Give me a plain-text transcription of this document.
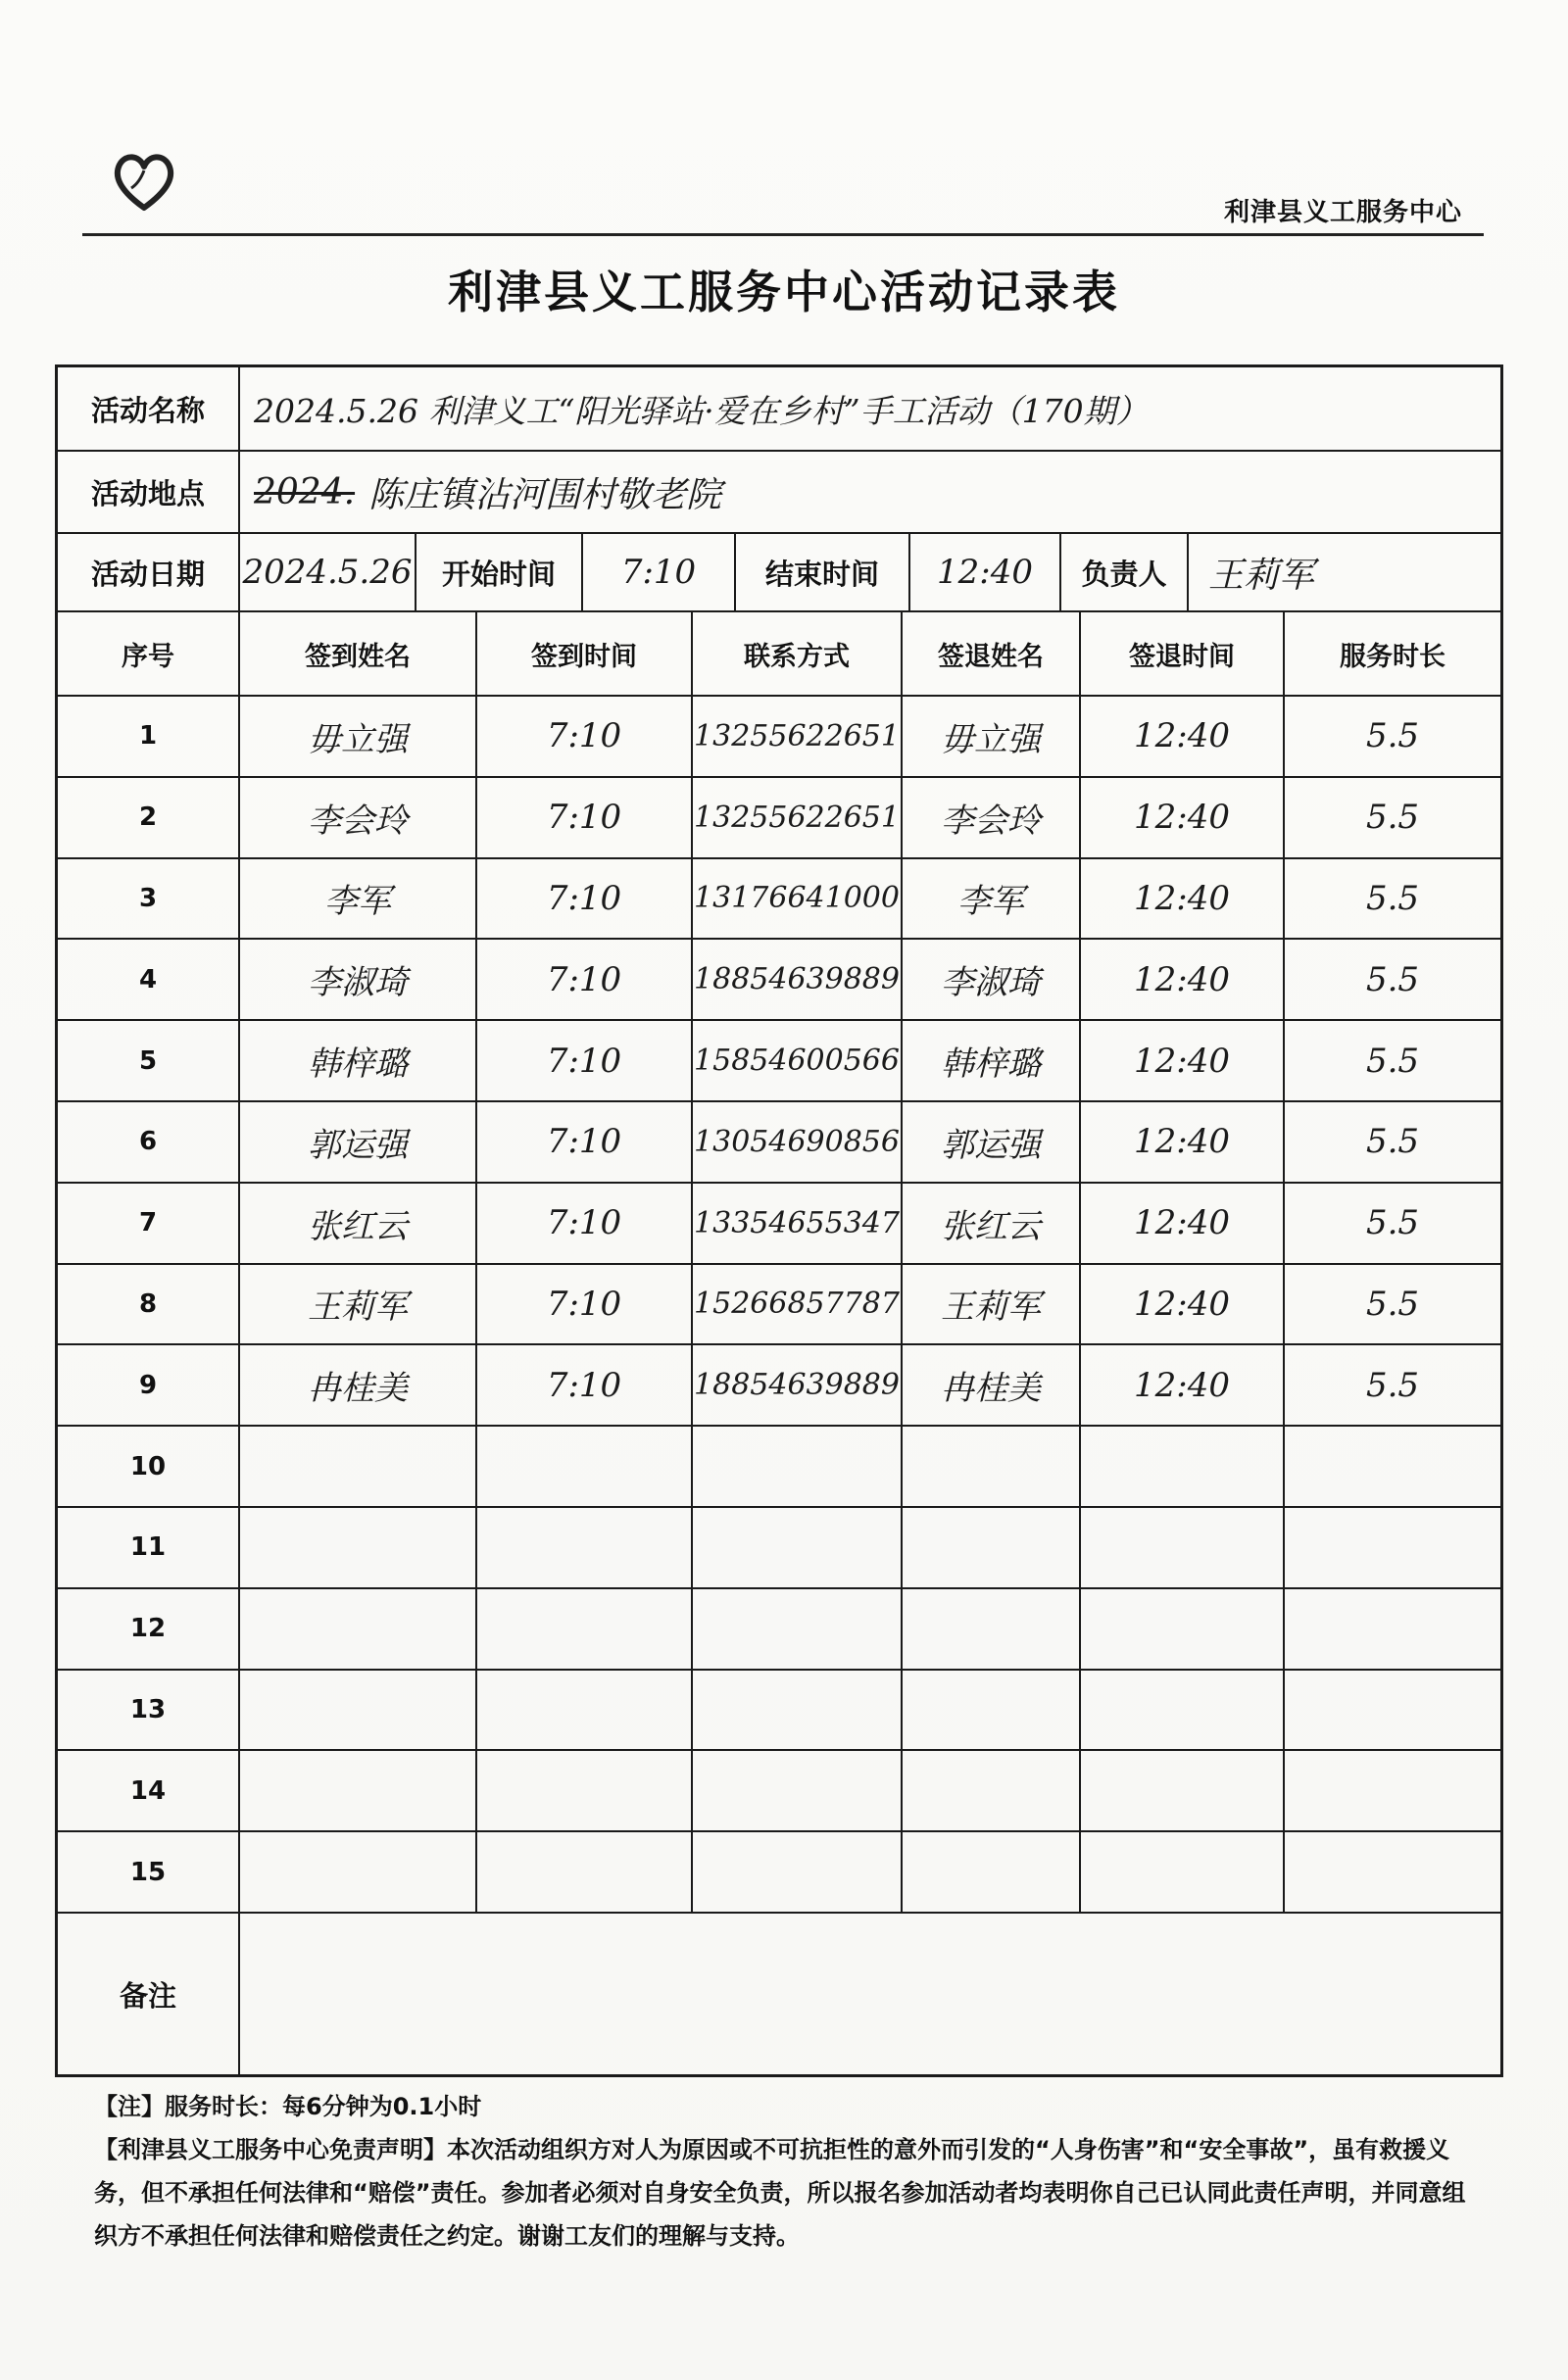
利津县义工服务中心
利津县义工服务中心活动记录表
活动名称 2024.5.26 利津义工“阳光驿站·爱在乡村”手工活动（170期）
活动地点 2024. 陈庄镇沾河围村敬老院
活动日期 2024.5.26 开始时间 7:10 结束时间 12:40 负责人 王莉军
序号	签到姓名	签到时间	联系方式	签退姓名	签退时间	服务时长
1	毋立强	7:10 13255622651 毋立强	12:40	5.5
2	李会玲	7:10 13255622651 李会玲	12:40	5.5
3	李军	7:10 13176641000 李军	12:40	5.5
4	李淑琦	7:10 18854639889 李淑琦	12:40	5.5
5	韩梓璐	7:10 15854600566 韩梓璐	12:40	5.5
6	郭运强	7:10 13054690856 郭运强	12:40	5.5
7	张红云	7:10 13354655347 张红云	12:40	5.5
8	王莉军	7:10 15266857787 王莉军	12:40	5.5
9	冉桂美	7:10 18854639889 冉桂美	12:40	5.5
10
11
12
13
14
15
备注

【注】服务时长：每6分钟为0.1小时

【利津县义工服务中心免责声明】本次活动组织方对人为原因或不可抗拒性的意外而引发的“人身伤害”和“安全事故”，虽有救援义务，但不承担任何法律和“赔偿”责任。参加者必须对自身安全负责，所以报名参加活动者均表明你自己已认同此责任声明，并同意组织方不承担任何法律和赔偿责任之约定。谢谢工友们的理解与支持。
